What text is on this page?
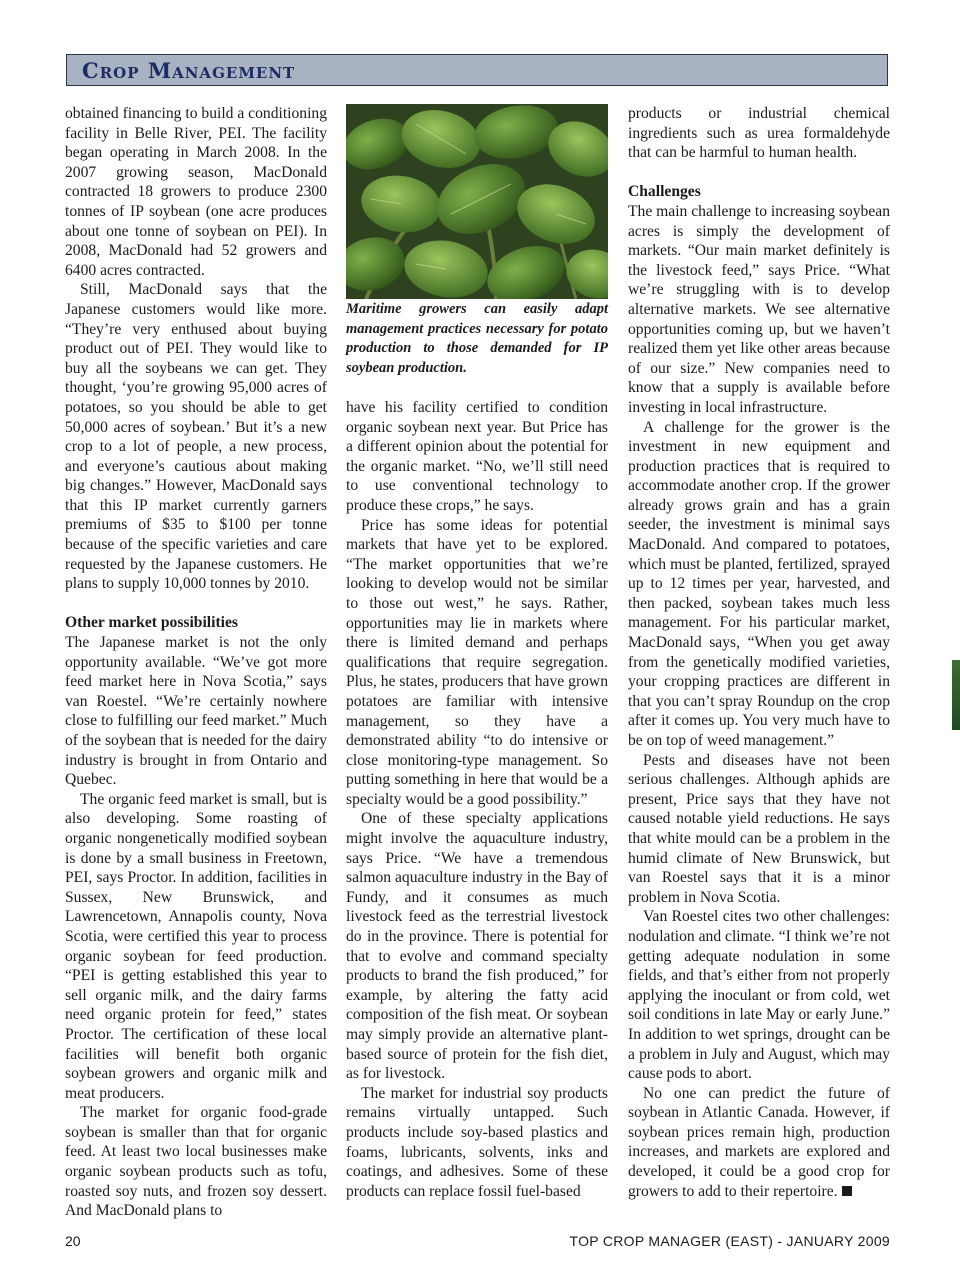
Crop Management

obtained financing to build a conditioning facility in Belle River, PEI. The facility began operating in March 2008. In the 2007 growing season, MacDonald contracted 18 growers to produce 2300 tonnes of IP soybean (one acre produces about one tonne of soybean on PEI). In 2008, MacDonald had 52 growers and 6400 acres contracted.

Still, MacDonald says that the Japanese customers would like more. “They’re very enthused about buying product out of PEI. They would like to buy all the soybeans we can get. They thought, ‘you’re growing 95,000 acres of potatoes, so you should be able to get 50,000 acres of soybean.’ But it’s a new crop to a lot of people, a new process, and everyone’s cautious about making big changes.” However, MacDonald says that this IP market currently garners premiums of $35 to $100 per tonne because of the specific varieties and care requested by the Japanese customers. He plans to supply 10,000 tonnes by 2010.

Other market possibilities

The Japanese market is not the only opportunity available. “We’ve got more feed market here in Nova Scotia,” says van Roestel. “We’re certainly nowhere close to fulfilling our feed market.” Much of the soybean that is needed for the dairy industry is brought in from Ontario and Quebec.

The organic feed market is small, but is also developing. Some roasting of organic nongenetically modified soybean is done by a small business in Freetown, PEI, says Proctor. In addition, facilities in Sussex, New Brunswick, and Lawrencetown, Annapolis county, Nova Scotia, were certified this year to process organic soybean for feed production. “PEI is getting established this year to sell organic milk, and the dairy farms need organic protein for feed,” states Proctor. The certification of these local facilities will benefit both organic soybean growers and organic milk and meat producers.

The market for organic food-grade soybean is smaller than that for organic feed. At least two local businesses make organic soybean products such as tofu, roasted soy nuts, and frozen soy dessert. And MacDonald plans to

Maritime growers can easily adapt management practices necessary for potato production to those demanded for IP soybean production.

have his facility certified to condition organic soybean next year. But Price has a different opinion about the potential for the organic market. “No, we’ll still need to use conventional technology to produce these crops,” he says.

Price has some ideas for potential markets that have yet to be explored. “The market opportunities that we’re looking to develop would not be similar to those out west,” he says. Rather, opportunities may lie in markets where there is limited demand and perhaps qualifications that require segregation. Plus, he states, producers that have grown potatoes are familiar with intensive management, so they have a demonstrated ability “to do intensive or close monitoring-type management. So putting something in here that would be a specialty would be a good possibility.”

One of these specialty applications might involve the aquaculture industry, says Price. “We have a tremendous salmon aquaculture industry in the Bay of Fundy, and it consumes as much livestock feed as the terrestrial livestock do in the province. There is potential for that to evolve and command specialty products to brand the fish produced,” for example, by altering the fatty acid composition of the fish meat. Or soybean may simply provide an alternative plant-based source of protein for the fish diet, as for livestock.

The market for industrial soy products remains virtually untapped. Such products include soy-based plastics and foams, lubricants, solvents, inks and coatings, and adhesives. Some of these products can replace fossil fuel-based

products or industrial chemical ingredients such as urea formaldehyde that can be harmful to human health.

Challenges

The main challenge to increasing soybean acres is simply the development of markets. “Our main market definitely is the livestock feed,” says Price. “What we’re struggling with is to develop alternative markets. We see alternative opportunities coming up, but we haven’t realized them yet like other areas because of our size.” New companies need to know that a supply is available before investing in local infrastructure.

A challenge for the grower is the investment in new equipment and production practices that is required to accommodate another crop. If the grower already grows grain and has a grain seeder, the investment is minimal says MacDonald. And compared to potatoes, which must be planted, fertilized, sprayed up to 12 times per year, harvested, and then packed, soybean takes much less management. For his particular market, MacDonald says, “When you get away from the genetically modified varieties, your cropping practices are different in that you can’t spray Roundup on the crop after it comes up. You very much have to be on top of weed management.”

Pests and diseases have not been serious challenges. Although aphids are present, Price says that they have not caused notable yield reductions. He says that white mould can be a problem in the humid climate of New Brunswick, but van Roestel says that it is a minor problem in Nova Scotia.

Van Roestel cites two other challenges: nodulation and climate. “I think we’re not getting adequate nodulation in some fields, and that’s either from not properly applying the inoculant or from cold, wet soil conditions in late May or early June.” In addition to wet springs, drought can be a problem in July and August, which may cause pods to abort.

No one can predict the future of soybean in Atlantic Canada. However, if soybean prices remain high, production increases, and markets are explored and developed, it could be a good crop for growers to add to their repertoire.

20	TOP CROP MANAGER (EAST) - JANUARY 2009
